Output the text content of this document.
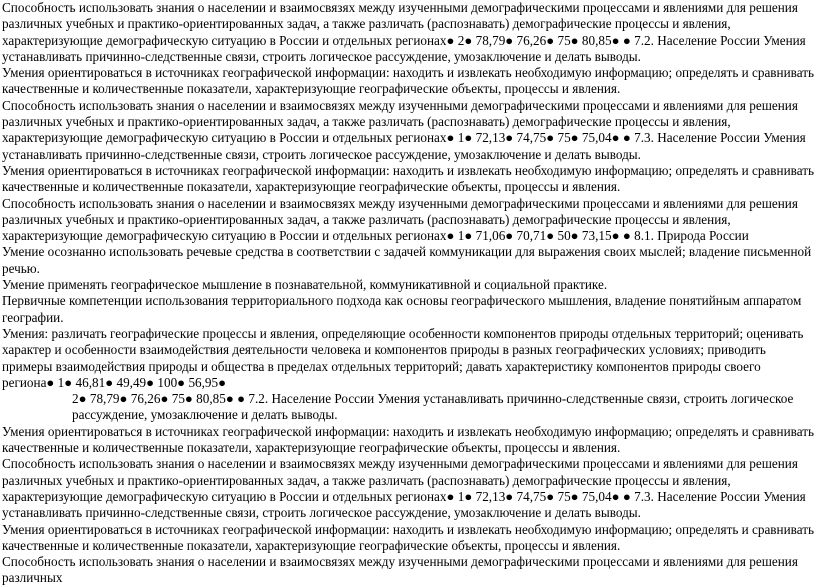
Способность использовать знания о населении и взаимосвязях между изученными демографическими процессами и явлениями для решения различных учебных и практико-ориентированных задач, а также различать (распознавать) демографические процессы и явления, характеризующие демографическую ситуацию в России и отдельных регионах● 2● 78,79● 76,26● 75● 80,85● ● 7.2. Население России Умения устанавливать причинно-следственные связи, строить логическое рассуждение, умозаключение и делать выводы.

Умения ориентироваться в источниках географической информации: находить и извлекать необходимую информацию; определять и сравнивать качественные и количественные показатели, характеризующие географические объекты, процессы и явления.

Способность использовать знания о населении и взаимосвязях между изученными демографическими процессами и явлениями для решения различных учебных и практико-ориентированных задач, а также различать (распознавать) демографические процессы и явления, характеризующие демографическую ситуацию в России и отдельных регионах● 1● 72,13● 74,75● 75● 75,04● ● 7.3. Население России Умения устанавливать причинно-следственные связи, строить логическое рассуждение, умозаключение и делать выводы.

Умения ориентироваться в источниках географической информации: находить и извлекать необходимую информацию; определять и сравнивать качественные и количественные показатели, характеризующие географические объекты, процессы и явления.

Способность использовать знания о населении и взаимосвязях между изученными демографическими процессами и явлениями для решения различных учебных и практико-ориентированных задач, а также различать (распознавать) демографические процессы и явления, характеризующие демографическую ситуацию в России и отдельных регионах● 1● 71,06● 70,71● 50● 73,15● ● 8.1. Природа России

Умение осознанно использовать речевые средства в соответствии с задачей коммуникации для выражения своих мыслей; владение письменной речью.

Умение применять географическое мышление в познавательной, коммуникативной и социальной практике.

Первичные компетенции использования территориального подхода как основы географического мышления, владение понятийным аппаратом географии.

Умения: различать географические процессы и явления, определяющие особенности компонентов природы отдельных территорий; оценивать характер и особенности взаимодействия деятельности человека и компонентов природы в разных географических условиях; приводить примеры взаимодействия природы и общества в пределах отдельных территорий; давать характеристику компонентов природы своего региона● 1● 46,81● 49,49● 100● 56,95●

2● 78,79● 76,26● 75● 80,85● ● 7.2. Население России Умения устанавливать причинно-следственные связи, строить логическое рассуждение, умозаключение и делать выводы.

Умения ориентироваться в источниках географической информации: находить и извлекать необходимую информацию; определять и сравнивать качественные и количественные показатели, характеризующие географические объекты, процессы и явления.

Способность использовать знания о населении и взаимосвязях между изученными демографическими процессами и явлениями для решения различных учебных и практико-ориентированных задач, а также различать (распознавать) демографические процессы и явления, характеризующие демографическую ситуацию в России и отдельных регионах● 1● 72,13● 74,75● 75● 75,04● ● 7.3. Население России Умения устанавливать причинно-следственные связи, строить логическое рассуждение, умозаключение и делать выводы.

Умения ориентироваться в источниках географической информации: находить и извлекать необходимую информацию; определять и сравнивать качественные и количественные показатели, характеризующие географические объекты, процессы и явления.

Способность использовать знания о населении и взаимосвязях между изученными демографическими процессами и явлениями для решения различных
